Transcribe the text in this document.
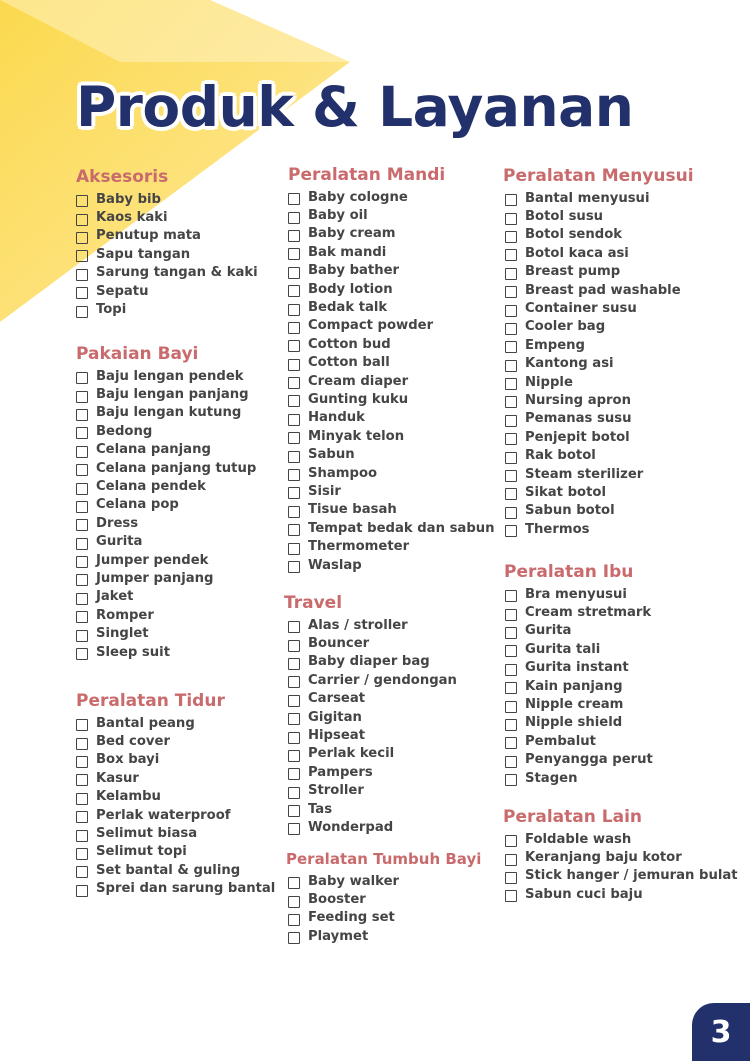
Produk & Layanan
Aksesoris
Baby bib
Kaos kaki
Penutup mata
Sapu tangan
Sarung tangan & kaki
Sepatu
Topi
Pakaian Bayi
Baju lengan pendek
Baju lengan panjang
Baju lengan kutung
Bedong
Celana panjang
Celana panjang tutup
Celana pendek
Celana pop
Dress
Gurita
Jumper pendek
Jumper panjang
Jaket
Romper
Singlet
Sleep suit
Peralatan Tidur
Bantal peang
Bed cover
Box bayi
Kasur
Kelambu
Perlak waterproof
Selimut biasa
Selimut topi
Set bantal & guling
Sprei dan sarung bantal
Peralatan Mandi
Baby cologne
Baby oil
Baby cream
Bak mandi
Baby bather
Body lotion
Bedak talk
Compact powder
Cotton bud
Cotton ball
Cream diaper
Gunting kuku
Handuk
Minyak telon
Sabun
Shampoo
Sisir
Tisue basah
Tempat bedak dan sabun
Thermometer
Waslap
Travel
Alas / stroller
Bouncer
Baby diaper bag
Carrier / gendongan
Carseat
Gigitan
Hipseat
Perlak kecil
Pampers
Stroller
Tas
Wonderpad
Peralatan Tumbuh Bayi
Baby walker
Booster
Feeding set
Playmet
Peralatan Menyusui
Bantal menyusui
Botol susu
Botol sendok
Botol kaca asi
Breast pump
Breast pad washable
Container susu
Cooler bag
Empeng
Kantong asi
Nipple
Nursing apron
Pemanas susu
Penjepit botol
Rak botol
Steam sterilizer
Sikat botol
Sabun botol
Thermos
Peralatan Ibu
Bra menyusui
Cream stretmark
Gurita
Gurita tali
Gurita instant
Kain panjang
Nipple cream
Nipple shield
Pembalut
Penyangga perut
Stagen
Peralatan Lain
Foldable wash
Keranjang baju kotor
Stick hanger / jemuran bulat
Sabun cuci baju
3
